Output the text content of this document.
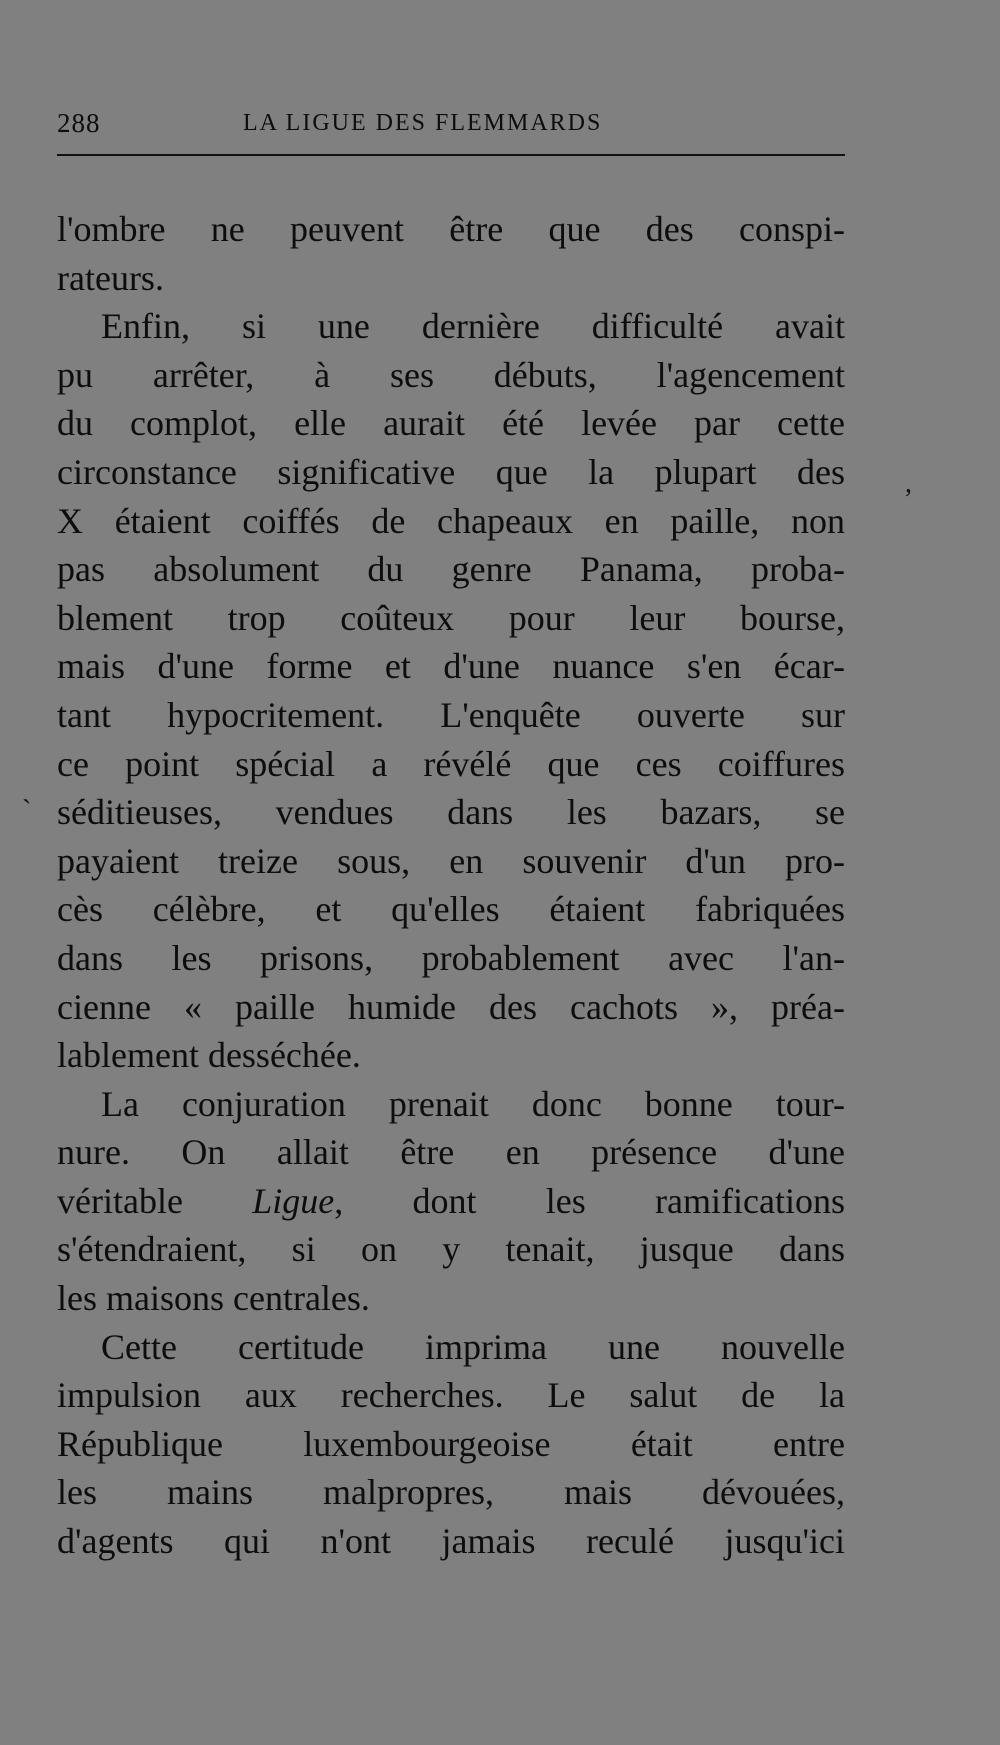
288	LA LIGUE DES FLEMMARDS
l'ombre ne peuvent être que des conspi-
rateurs.
Enfin, si une dernière difficulté avait
pu arrêter, à ses débuts, l'agencement
du complot, elle aurait été levée par cette
circonstance significative que la plupart des
X étaient coiffés de chapeaux en paille, non
pas absolument du genre Panama, proba-
blement trop coûteux pour leur bourse,
mais d'une forme et d'une nuance s'en écar-
tant hypocritement. L'enquête ouverte sur
ce point spécial a révélé que ces coiffures
séditieuses, vendues dans les bazars, se
payaient treize sous, en souvenir d'un pro-
cès célèbre, et qu'elles étaient fabriquées
dans les prisons, probablement avec l'an-
cienne « paille humide des cachots », préa-
lablement desséchée.
La conjuration prenait donc bonne tour-
nure. On allait être en présence d'une
véritable Ligue, dont les ramifications
s'étendraient, si on y tenait, jusque dans
les maisons centrales.
Cette certitude imprima une nouvelle
impulsion aux recherches. Le salut de la
République luxembourgeoise était entre
les mains malpropres, mais dévouées,
d'agents qui n'ont jamais reculé jusqu'ici
,
`
